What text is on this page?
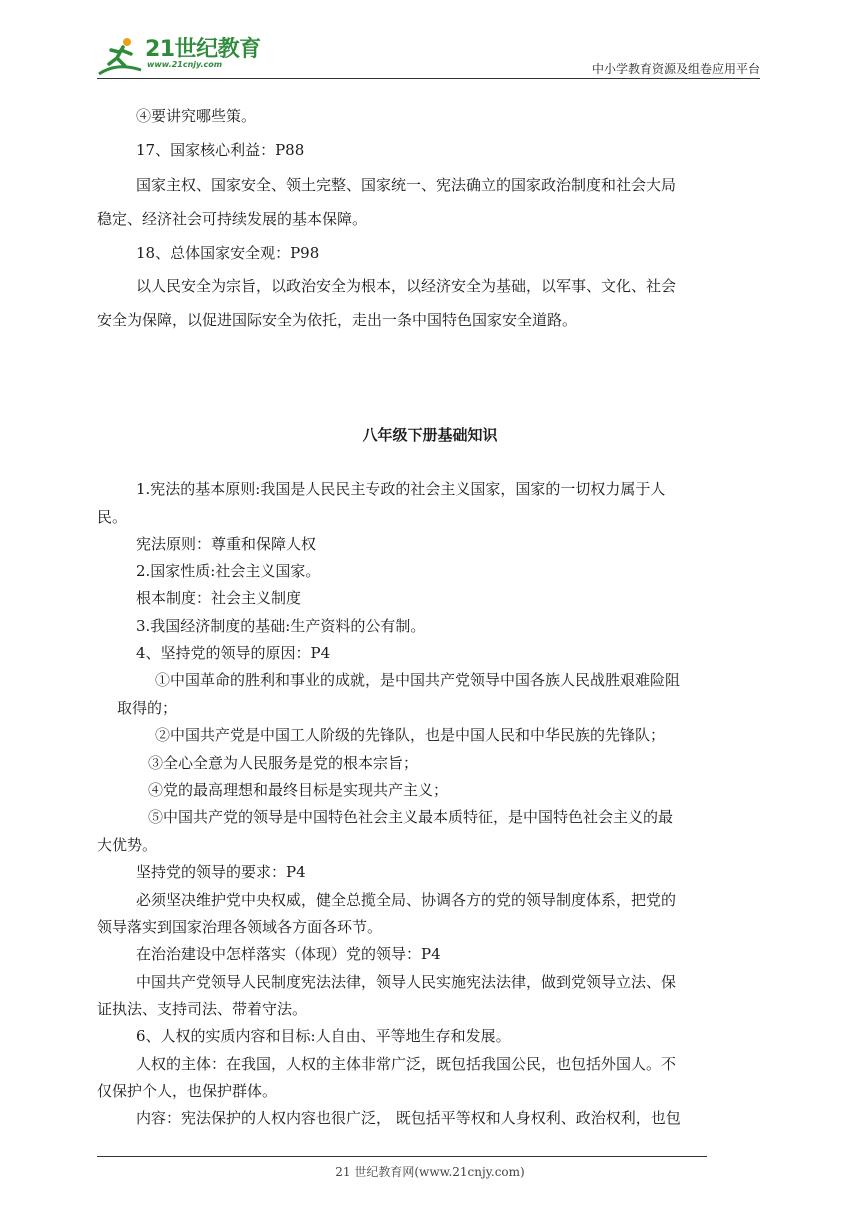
21世纪教育
www.21cnjy.com	中小学教育资源及组卷应用平台
④要讲究哪些策。
17、国家核心利益：P88
国家主权、国家安全、领土完整、国家统一、宪法确立的国家政治制度和社会大局
稳定、经济社会可持续发展的基本保障。
18、总体国家安全观：P98
以人民安全为宗旨，以政治安全为根本，以经济安全为基础，以军事、文化、社会
安全为保障，以促进国际安全为依托，走出一条中国特色国家安全道路。
八年级下册基础知识
1.宪法的基本原则:我国是人民民主专政的社会主义国家，国家的一切权力属于人
民。
宪法原则：尊重和保障人权
2.国家性质:社会主义国家。
根本制度：社会主义制度
3.我国经济制度的基础:生产资料的公有制。
4、坚持党的领导的原因：P4
①中国革命的胜利和事业的成就，是中国共产党领导中国各族人民战胜艰难险阻
取得的；
②中国共产党是中国工人阶级的先锋队，也是中国人民和中华民族的先锋队；
③全心全意为人民服务是党的根本宗旨；
④党的最高理想和最终目标是实现共产主义；
⑤中国共产党的领导是中国特色社会主义最本质特征，是中国特色社会主义的最
大优势。
坚持党的领导的要求：P4
必须坚决维护党中央权威，健全总揽全局、协调各方的党的领导制度体系，把党的
领导落实到国家治理各领域各方面各环节。
在治治建设中怎样落实（体现）党的领导：P4
中国共产党领导人民制度宪法法律，领导人民实施宪法法律，做到党领导立法、保
证执法、支持司法、带着守法。
6、人权的实质内容和目标:人自由、平等地生存和发展。
人权的主体：在我国，人权的主体非常广泛，既包括我国公民，也包括外国人。不
仅保护个人，也保护群体。
内容：宪法保护的人权内容也很广泛， 既包括平等权和人身权利、政治权利，也包
21 世纪教育网(www.21cnjy.com)
